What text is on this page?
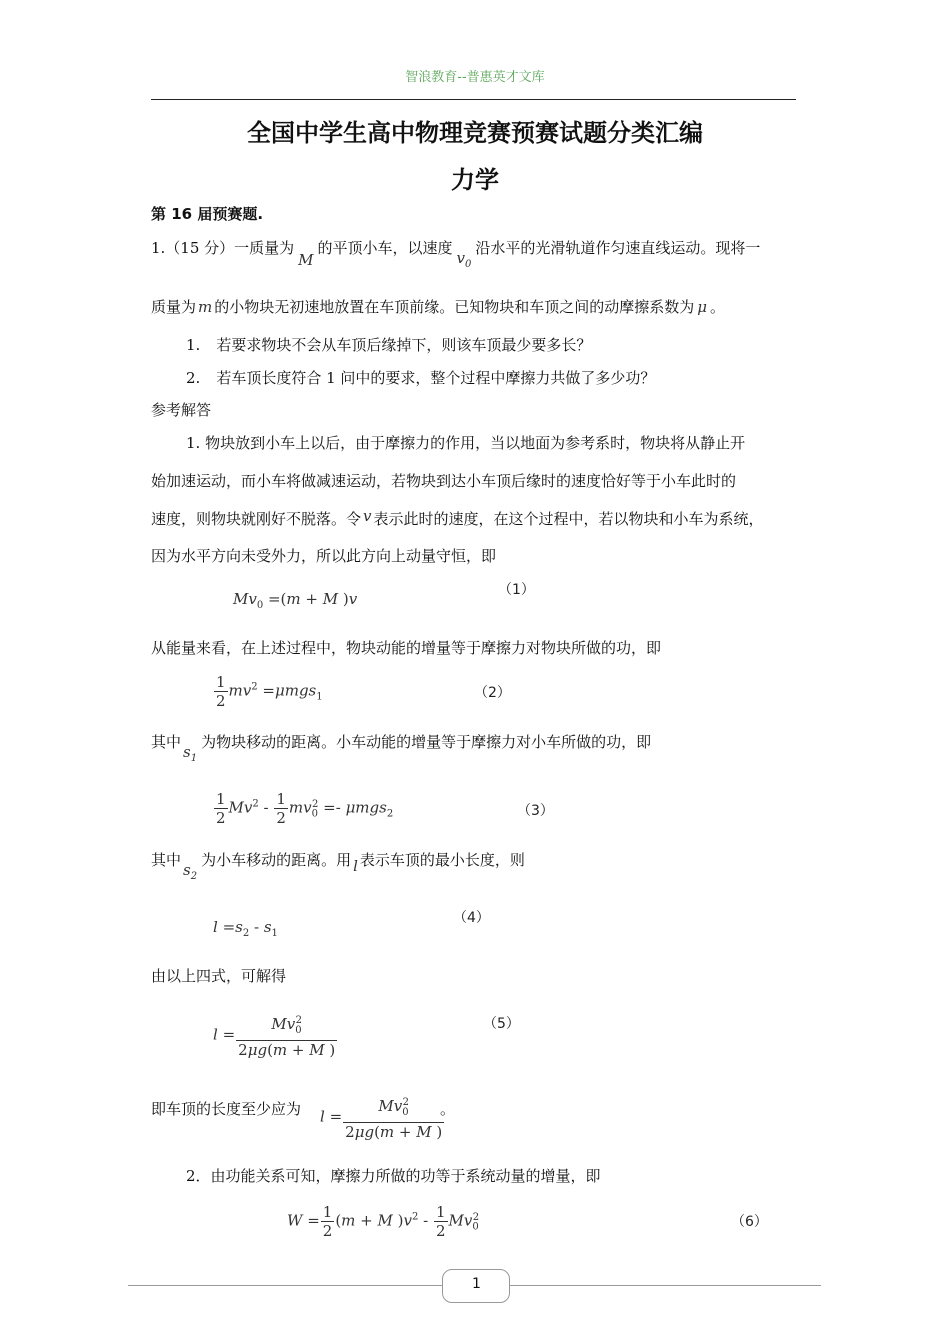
智浪教育--普惠英才文库
全国中学生高中物理竞赛预赛试题分类汇编
力学
第 16 届预赛题.
1.（15 分）一质量为M的平顶小车，以速度$v_0$沿水平的光滑轨道作匀速直线运动。现将一
质量为 m 的小物块无初速地放置在车顶前缘。已知物块和车顶之间的动摩擦系数为 μ 。
1. 若要求物块不会从车顶后缘掉下，则该车顶最少要多长？
2. 若车顶长度符合 1 问中的要求，整个过程中摩擦力共做了多少功？
参考解答
1. 物块放到小车上以后，由于摩擦力的作用，当以地面为参考系时，物块将从静止开
始加速运动，而小车将做减速运动，若物块到达小车顶后缘时的速度恰好等于小车此时的
速度，则物块就刚好不脱落。令 v 表示此时的速度，在这个过程中，若以物块和小车为系统，
因为水平方向未受外力，所以此方向上动量守恒，即
$Mv_0 =(m + M$ )v	（1）
从能量来看，在上述过程中，物块动能的增量等于摩擦力对物块所做的功，即
$\frac{1}{2} mv^2 =\mu mgs_1$	（2）
其中$s_1$为物块移动的距离。小车动能的增量等于摩擦力对小车所做的功，即
$\frac{1}{2} Mv^2 - \frac{1}{2} mv_0^2 =- \mu mgs_2$	（3）
其中$s_2$为小车移动的距离。用 l 表示车顶的最小长度，则
$l =s_2 - s_1$
（4）
由以上四式，可解得
$l = \frac{Mv_0^2}{2\mu g(m + M )}$	（5）
即车顶的长度至少应为 $l = \frac{Mv_0^2}{2\mu g(m + M )}$
。
2．由功能关系可知，摩擦力所做的功等于系统动量的增量，即
$W = \frac{1}{2} (m + M$ )$v^2 - \frac{1}{2} Mv_0^2$	（6）
1
